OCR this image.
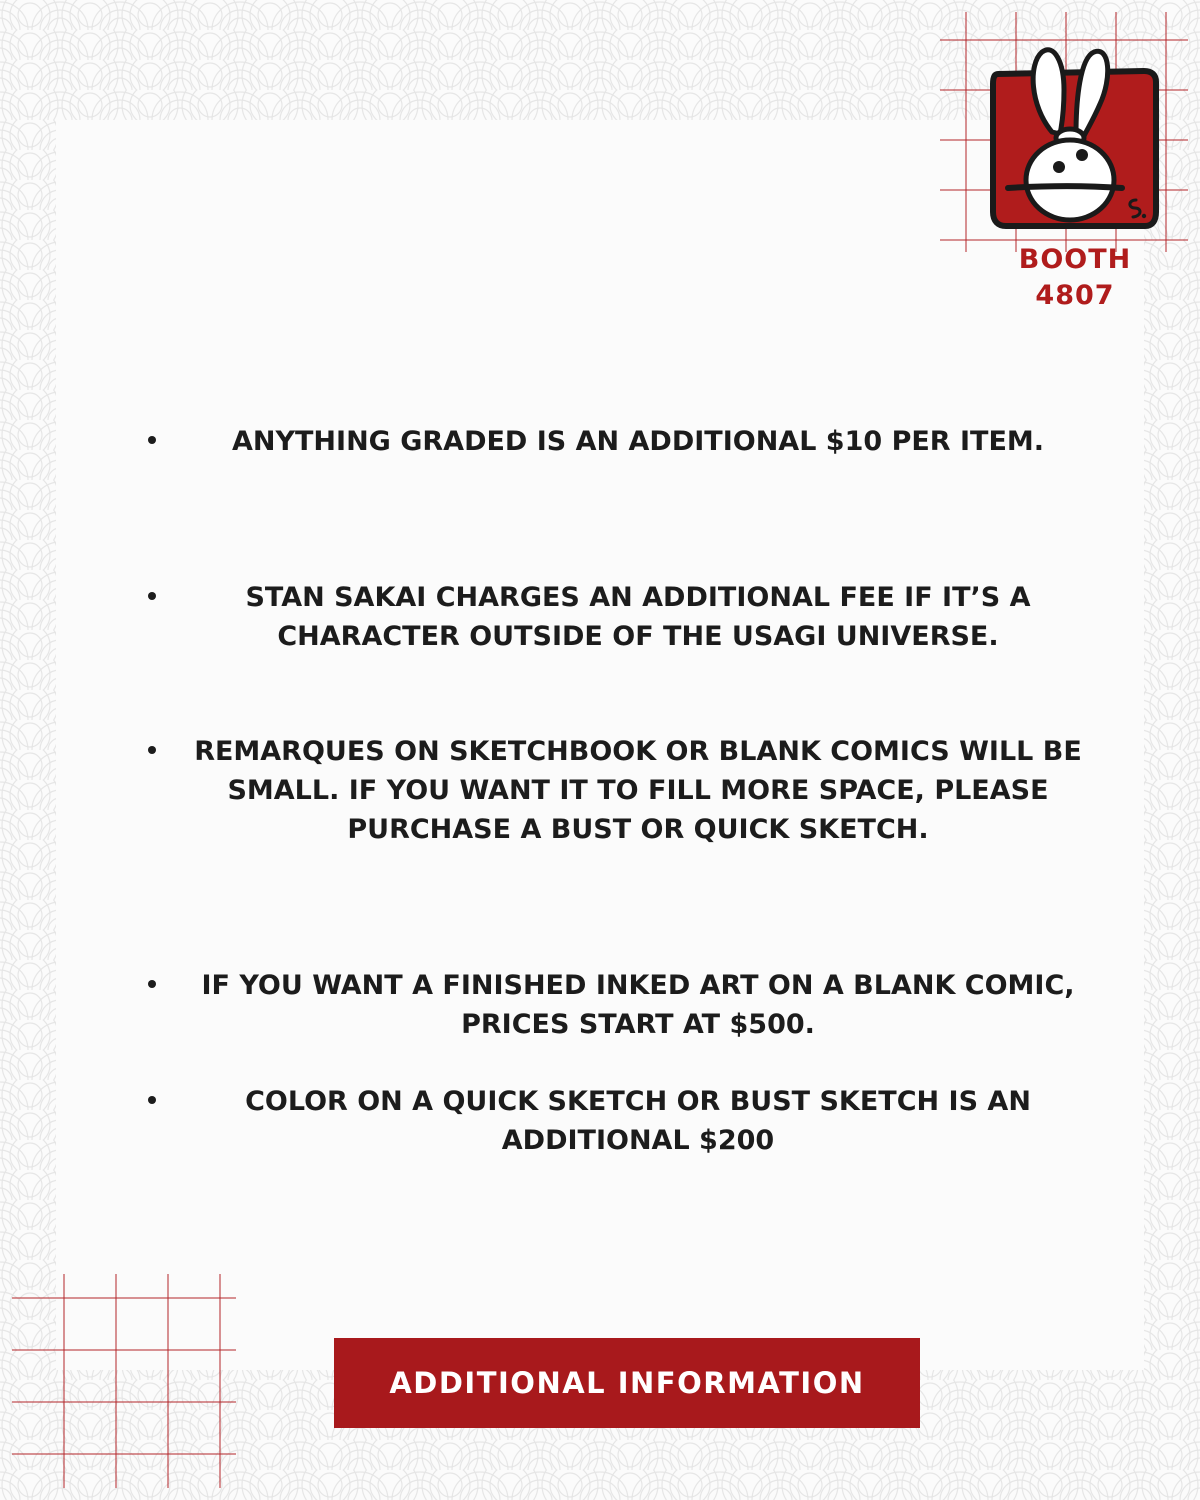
BOOTH
4807
ANYTHING GRADED IS AN ADDITIONAL $10 PER ITEM.
STAN SAKAI CHARGES AN ADDITIONAL FEE IF IT’S A CHARACTER OUTSIDE OF THE USAGI UNIVERSE.
REMARQUES ON SKETCHBOOK OR BLANK COMICS WILL BE SMALL. IF YOU WANT IT TO FILL MORE SPACE, PLEASE PURCHASE A BUST OR QUICK SKETCH.
IF YOU WANT A FINISHED INKED ART ON A BLANK COMIC, PRICES START AT $500.
COLOR ON A QUICK SKETCH OR BUST SKETCH IS AN ADDITIONAL $200
ADDITIONAL INFORMATION
